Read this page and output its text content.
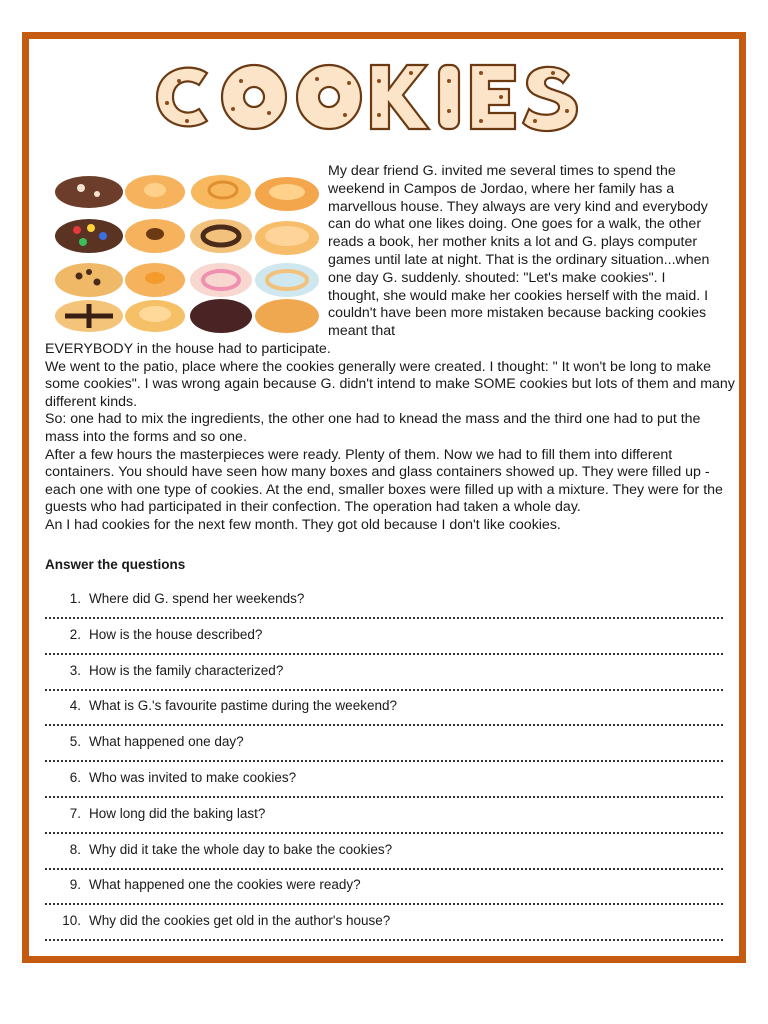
My dear friend G. invited me several times to spend the weekend in Campos de Jordao, where her family has a marvellous house. They always are very kind and everybody can do what one likes doing. One goes for a walk, the other reads a book, her mother knits a lot and G. plays computer games until late at night. That is the ordinary situation...when one day G. suddenly. shouted: "Let's make cookies". I thought, she would make her cookies herself with the maid. I couldn't have been more mistaken because backing cookies meant that

EVERYBODY in the house had to participate.

We went to the patio, place where the cookies generally were created. I thought: " It won't be long to make some cookies". I was wrong again because G. didn't intend to make SOME cookies but lots of them and many different kinds.

So: one had to mix the ingredients, the other one had to knead the mass and the third one had to put the mass into the forms and so one.

After a few hours the masterpieces were ready. Plenty of them. Now we had to fill them into different containers. You should have seen how many boxes and glass containers showed up. They were filled up - each one with one type of cookies. At the end, smaller boxes were filled up with a mixture. They were for the guests who had participated in their confection. The operation had taken a whole day.

An I had cookies for the next few month. They got old because I don't like cookies.

Answer the questions

1. Where did G. spend her weekends?
2. How is the house described?
3. How is the family characterized?
4. What is G.'s favourite pastime during the weekend?
5. What happened one day?
6. Who was invited to make cookies?
7. How long did the baking last?
8. Why did it take the whole day to bake the cookies?
9. What happened one the cookies were ready?
10. Why did the cookies get old in the author's house?
